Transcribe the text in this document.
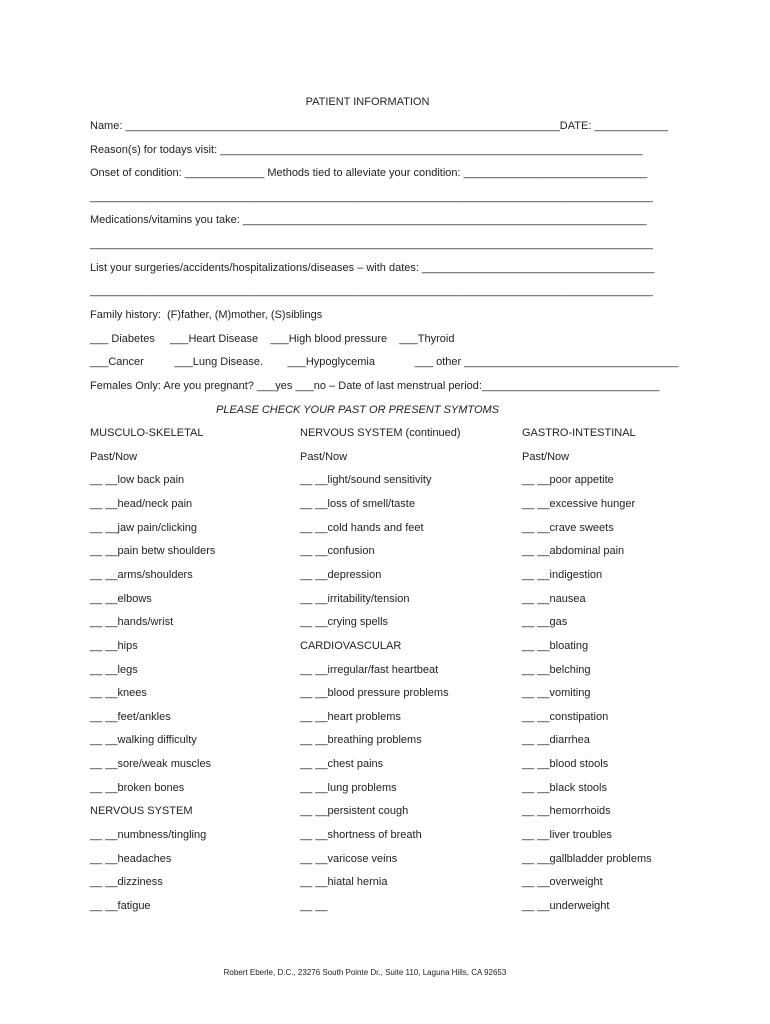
PATIENT INFORMATION
Name: _______________________________________________________________________DATE: ____________
Reason(s) for todays visit: _____________________________________________________________________
Onset of condition: _____________ Methods tied to alleviate your condition: ______________________________
____________________________________________________________________________________________
Medications/vitamins you take: __________________________________________________________________
____________________________________________________________________________________________
List your surgeries/accidents/hospitalizations/diseases – with dates: ______________________________________
____________________________________________________________________________________________
Family history:  (F)father, (M)mother, (S)siblings
___ Diabetes     ___Heart Disease    ___High blood pressure    ___Thyroid
___Cancer          ___Lung Disease.        ___Hypoglycemia             ___ other ___________________________________
Females Only: Are you pregnant? ___yes ___no – Date of last menstrual period:_____________________________
PLEASE CHECK YOUR PAST OR PRESENT SYMTOMS
MUSCULO-SKELETAL
Past/Now
__ __low back pain
__ __head/neck pain
__ __jaw pain/clicking
__ __pain betw shoulders
__ __arms/shoulders
__ __elbows
__ __hands/wrist
__ __hips
__ __legs
__ __knees
__ __feet/ankles
__ __walking difficulty
__ __sore/weak muscles
__ __broken bones
NERVOUS SYSTEM
__ __numbness/tingling
__ __headaches
__ __dizziness
__ __fatigue
NERVOUS SYSTEM (continued)
Past/Now
__ __light/sound sensitivity
__ __loss of smell/taste
__ __cold hands and feet
__ __confusion
__ __depression
__ __irritability/tension
__ __crying spells
CARDIOVASCULAR
__ __irregular/fast heartbeat
__ __blood pressure problems
__ __heart problems
__ __breathing problems
__ __chest pains
__ __lung problems
__ __persistent cough
__ __shortness of breath
__ __varicose veins
__ __hiatal hernia
__ __
GASTRO-INTESTINAL
Past/Now
__ __poor appetite
__ __excessive hunger
__ __crave sweets
__ __abdominal pain
__ __indigestion
__ __nausea
__ __gas
__ __bloating
__ __belching
__ __vomiting
__ __constipation
__ __diarrhea
__ __blood stools
__ __black stools
__ __hemorrhoids
__ __liver troubles
__ __gallbladder problems
__ __overweight
__ __underweight
Robert Eberle, D.C., 23276 South Pointe Dr., Suite 110, Laguna Hills, CA 92653
